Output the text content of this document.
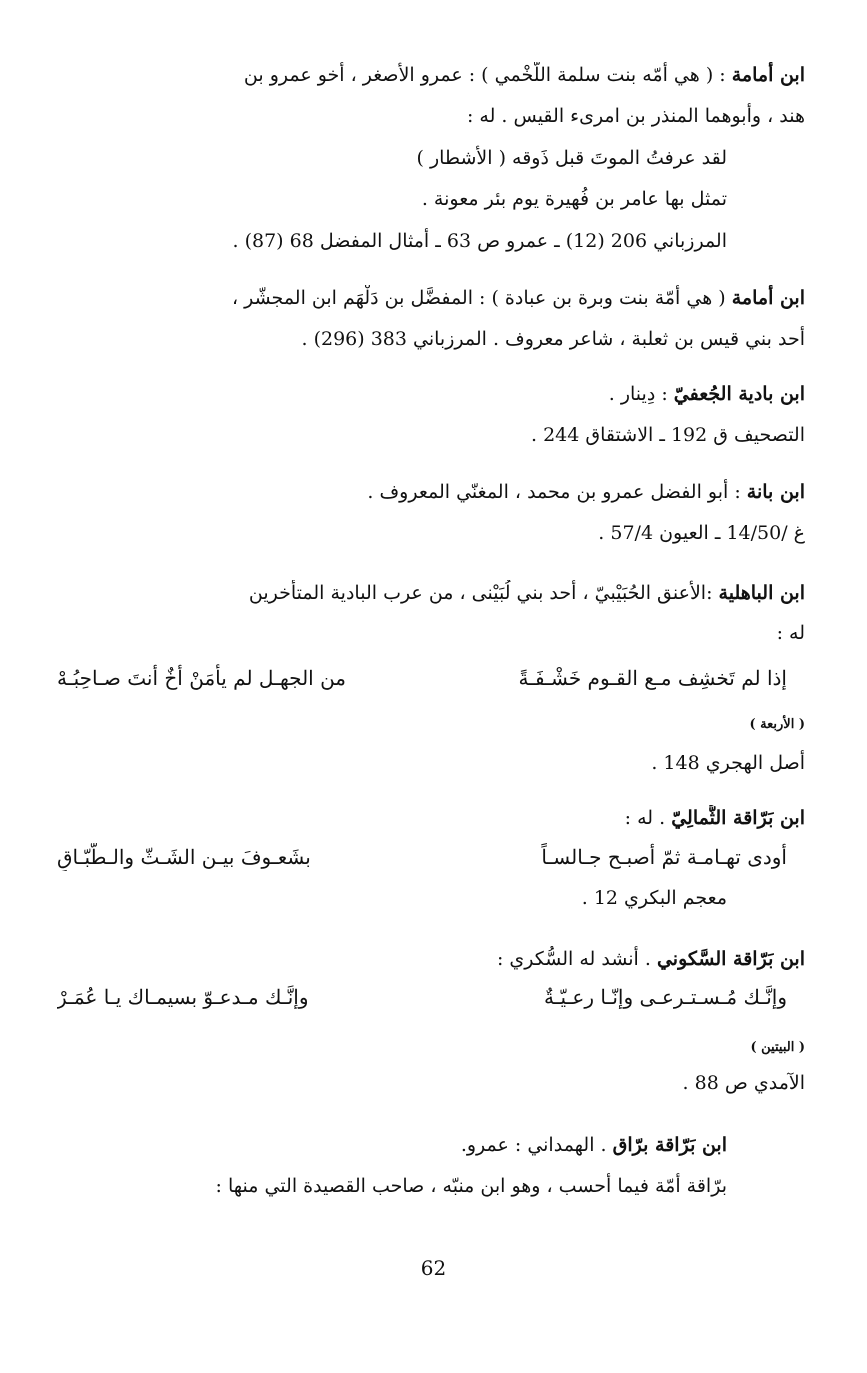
ابن أمامة : ( هي أمّه بنت سلمة اللَّخْمي ) : عمرو الأصغر ، أخو عمرو بن
هند ، وأبوهما المنذر بن امرىء القيس . له :
لقد عرفتُ الموتَ قبل ذَوقه ( الأشطار )
تمثل بها عامر بن فُهيرة يوم بئر معونة .
المرزباني 206 (12) ـ عمرو ص 63 ـ أمثال المفضل 68 (87) .
ابن أمامة ( هي أمّة بنت وبرة بن عبادة ) : المفضَّل بن دَلْهَم ابن المجشّر ،
أحد بني قيس بن ثعلبة ، شاعر معروف . المرزباني 383 (296) .
ابن بادية الجُعفيّ : دِينار .
التصحيف ق 192 ـ الاشتقاق 244 .
ابن بانة : أبو الفضل عمرو بن محمد ، المغنّي المعروف .
غ /14/50 ـ العيون 57/4 .
ابن الباهلية :الأعنق الحُبَيْبيّ ، أحد بني لُبَيْنى ، من عرب البادية المتأخرين
له :
إذا لم تَخشِف مـع القـوم خَشْـفَـةً
من الجهـل لم يأمَنْ أخٌ أنتَ صـاحِبُـهْ
( الأربعة )
أصل الهجري 148 .
ابن بَرّاقة الثُّمالِيّ . له :
أودى تهـامـة ثمّ أصبـح جـالسـاً
بشَعـوفَ بيـن الشَـثّ والـطُّبّـاقِ
معجم البكري 12 .
ابن بَرّاقة السَّكوني . أنشد له السُّكري :
وإنَّـك مُـسـتـرعـى وإنّـا رعـيّـةٌ
وإنَّـك مـدعـوّ بسيمـاك يـا عُمَـرْ
( البيتين )
الآمدي ص 88 .
ابن بَرّاقة برّاق . الهمداني : عمرو.
برّاقة أمّة فيما أحسب ، وهو ابن منبّه ، صاحب القصيدة التي منها :
62
